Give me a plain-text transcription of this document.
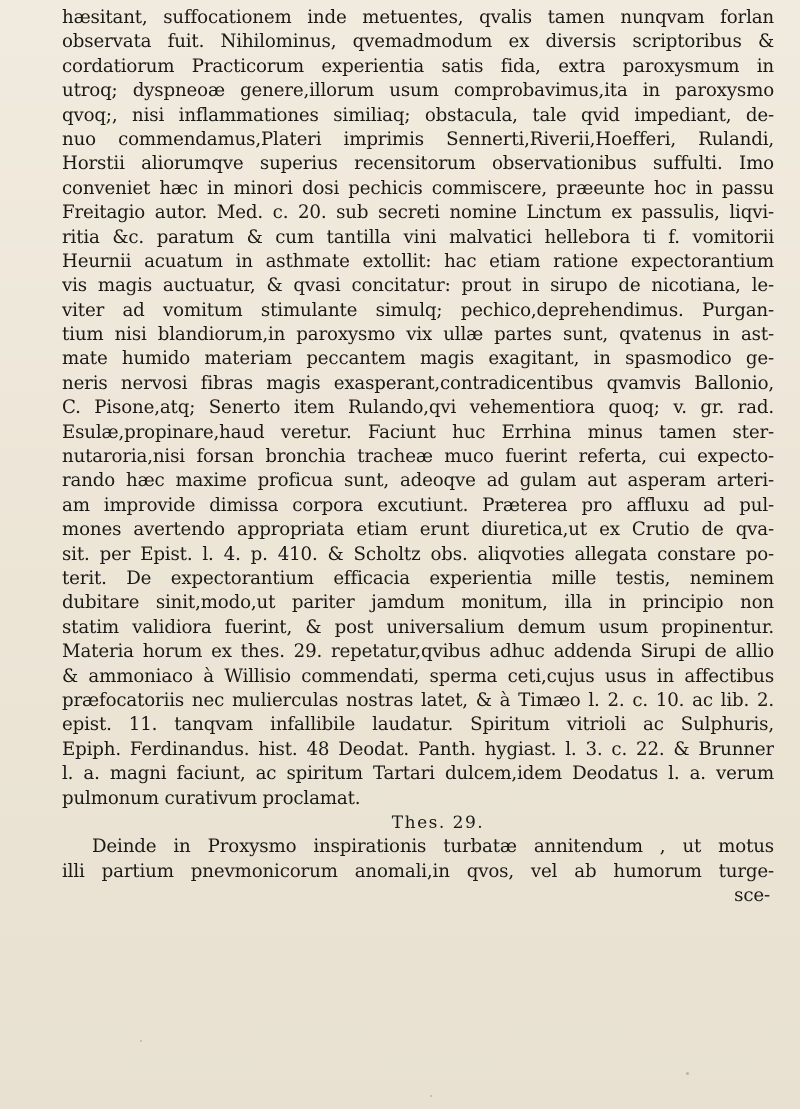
hæsitant, suffocationem inde metuentes, qvalis tamen nunqvam forlan
observata fuit. Nihilominus, qvemadmodum ex diversis scriptoribus &
cordatiorum Practicorum experientia satis fida, extra paroxysmum in
utroq; dyspneoæ genere,illorum usum comprobavimus,ita in paroxysmo
qvoq;, nisi inflammationes similiaq; obstacula, tale qvid impediant, de-
nuo commendamus,Plateri imprimis Sennerti,Riverii,Hoefferi, Rulandi,
Horstii aliorumqve superius recensitorum observationibus suffulti. Imo
conveniet hæc in minori dosi pechicis commiscere, præeunte hoc in passu
Freitagio autor. Med. c. 20. sub secreti nomine Linctum ex passulis, liqvi-
ritia &c. paratum & cum tantilla vini malvatici hellebora ti f. vomitorii
Heurnii acuatum in asthmate extollit: hac etiam ratione expectorantium
vis magis auctuatur, & qvasi concitatur: prout in sirupo de nicotiana, le-
viter ad vomitum stimulante simulq; pechico,deprehendimus. Purgan-
tium nisi blandiorum,in paroxysmo vix ullæ partes sunt, qvatenus in ast-
mate humido materiam peccantem magis exagitant, in spasmodico ge-
neris nervosi fibras magis exasperant,contradicentibus qvamvis Ballonio,
C. Pisone,atq; Senerto item Rulando,qvi vehementiora quoq; v. gr. rad.
Esulæ,propinare,haud veretur. Faciunt huc Errhina minus tamen ster-
nutaroria,nisi forsan bronchia tracheæ muco fuerint referta, cui expecto-
rando hæc maxime proficua sunt, adeoqve ad gulam aut asperam arteri-
am improvide dimissa corpora excutiunt. Præterea pro affluxu ad pul-
mones avertendo appropriata etiam erunt diuretica,ut ex Crutio de qva-
sit. per Epist. l. 4. p. 410. & Scholtz obs. aliqvoties allegata constare po-
terit. De expectorantium efficacia experientia mille testis, neminem
dubitare sinit,modo,ut pariter jamdum monitum, illa in principio non
statim validiora fuerint, & post universalium demum usum propinentur.
Materia horum ex thes. 29. repetatur,qvibus adhuc addenda Sirupi de allio
& ammoniaco à Willisio commendati, sperma ceti,cujus usus in affectibus
præfocatoriis nec mulierculas nostras latet, & à Timæo l. 2. c. 10. ac lib. 2.
epist. 11. tanqvam infallibile laudatur. Spiritum vitrioli ac Sulphuris,
Epiph. Ferdinandus. hist. 48 Deodat. Panth. hygiast. l. 3. c. 22. & Brunner
l. a. magni faciunt, ac spiritum Tartari dulcem,idem Deodatus l. a. verum
pulmonum curativum proclamat.
Thes. 29.
Deinde in Proxysmo inspirationis turbatæ annitendum , ut motus
illi partium pnevmonicorum anomali,in qvos, vel ab humorum turge-
sce-
